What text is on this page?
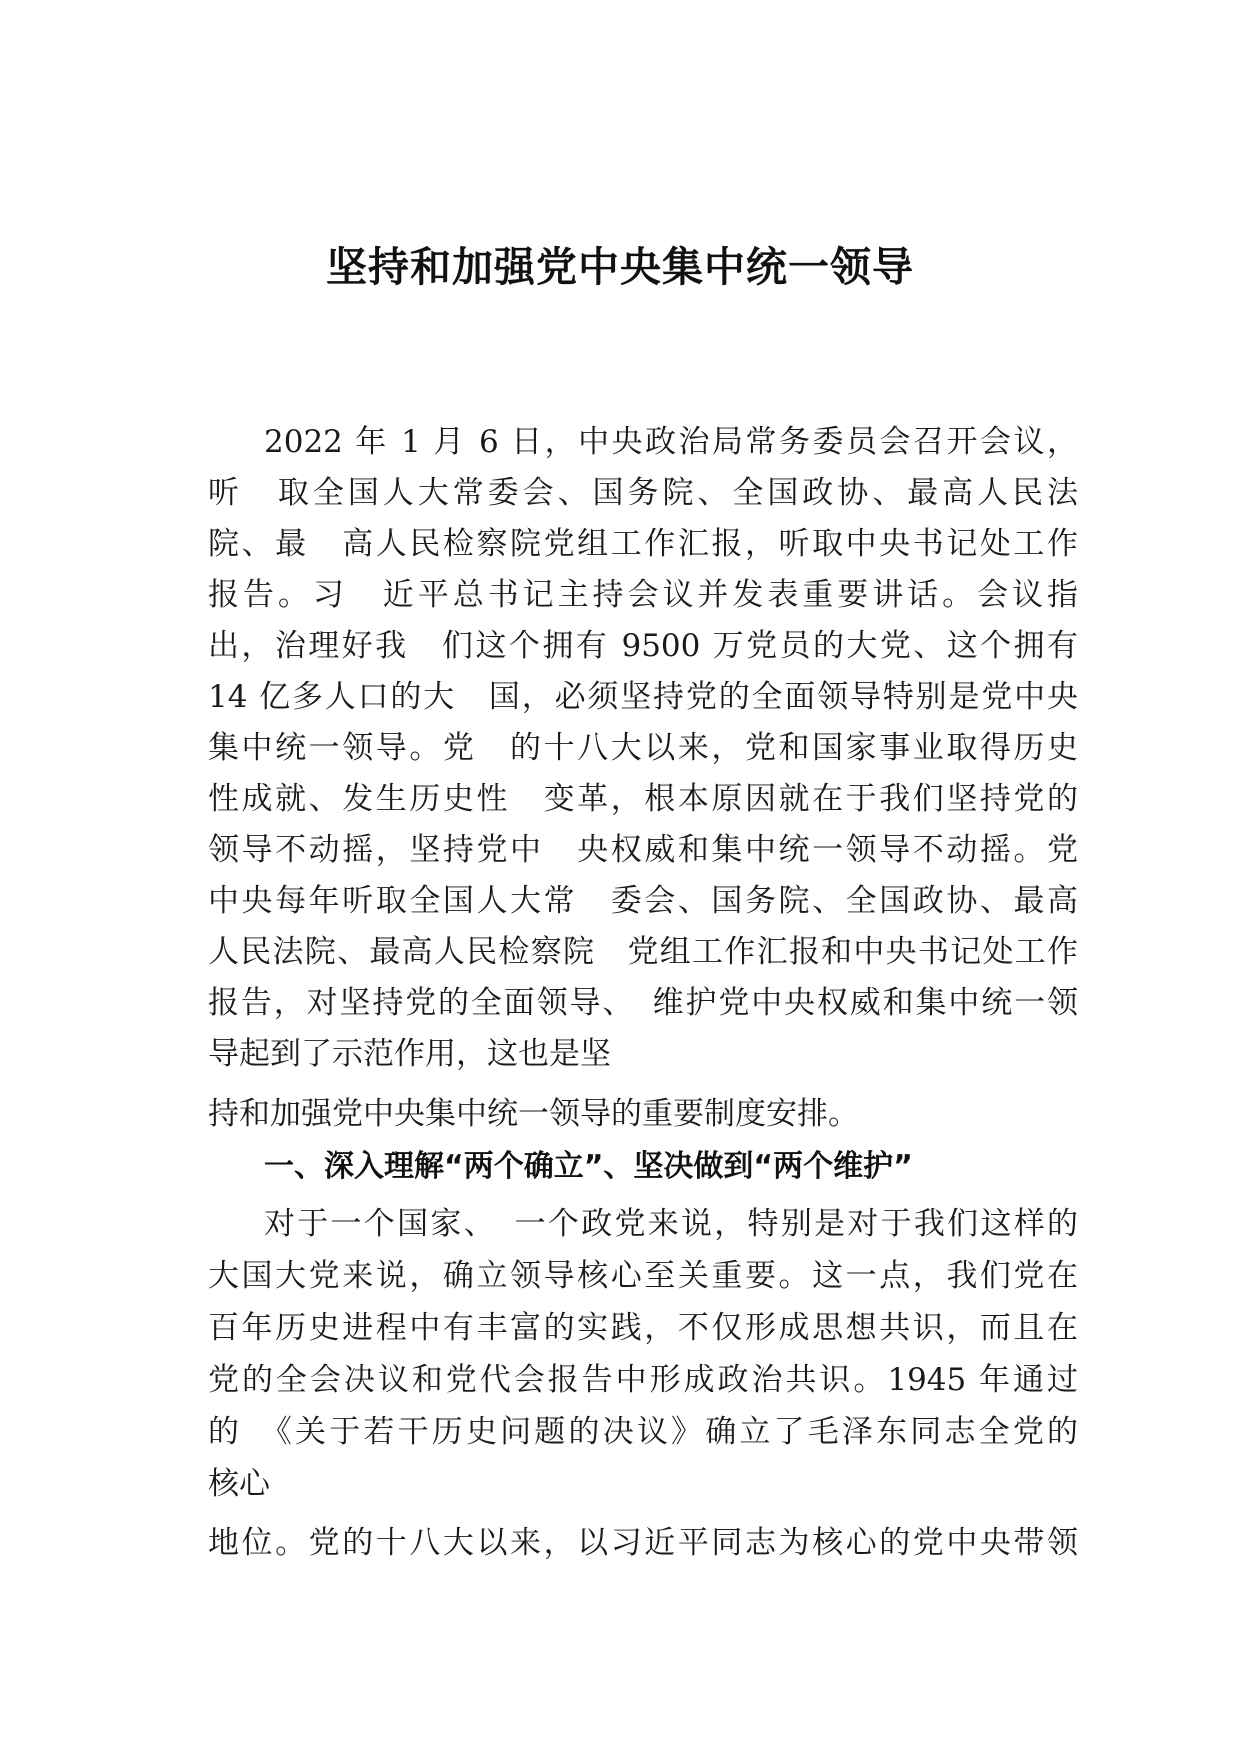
坚持和加强党中央集中统一领导
2022 年 1 月 6 日，中央政治局常务委员会召开会议，
听　取全国人大常委会、国务院、全国政协、最高人民法
院、最　高人民检察院党组工作汇报，听取中央书记处工作
报告。习　近平总书记主持会议并发表重要讲话。会议指
出，治理好我　们这个拥有 9500 万党员的大党、这个拥有
14 亿多人口的大　国，必须坚持党的全面领导特别是党中央
集中统一领导。党　的十八大以来，党和国家事业取得历史
性成就、发生历史性　变革，根本原因就在于我们坚持党的
领导不动摇，坚持党中　央权威和集中统一领导不动摇。党
中央每年听取全国人大常　委会、国务院、全国政协、最高
人民法院、最高人民检察院　党组工作汇报和中央书记处工作
报告，对坚持党的全面领导、　维护党中央权威和集中统一领
导起到了示范作用，这也是坚
持和加强党中央集中统一领导的重要制度安排。
一、深入理解“两个确立”、坚决做到“两个维护”
对于一个国家、　一个政党来说，特别是对于我们这样的
大国大党来说，确立领导核心至关重要。这一点，我们党在
百年历史进程中有丰富的实践，不仅形成思想共识，而且在
党的全会决议和党代会报告中形成政治共识。1945 年通过
的　《关于若干历史问题的决议》确立了毛泽东同志全党的
核心
地位。党的十八大以来，以习近平同志为核心的党中央带领
